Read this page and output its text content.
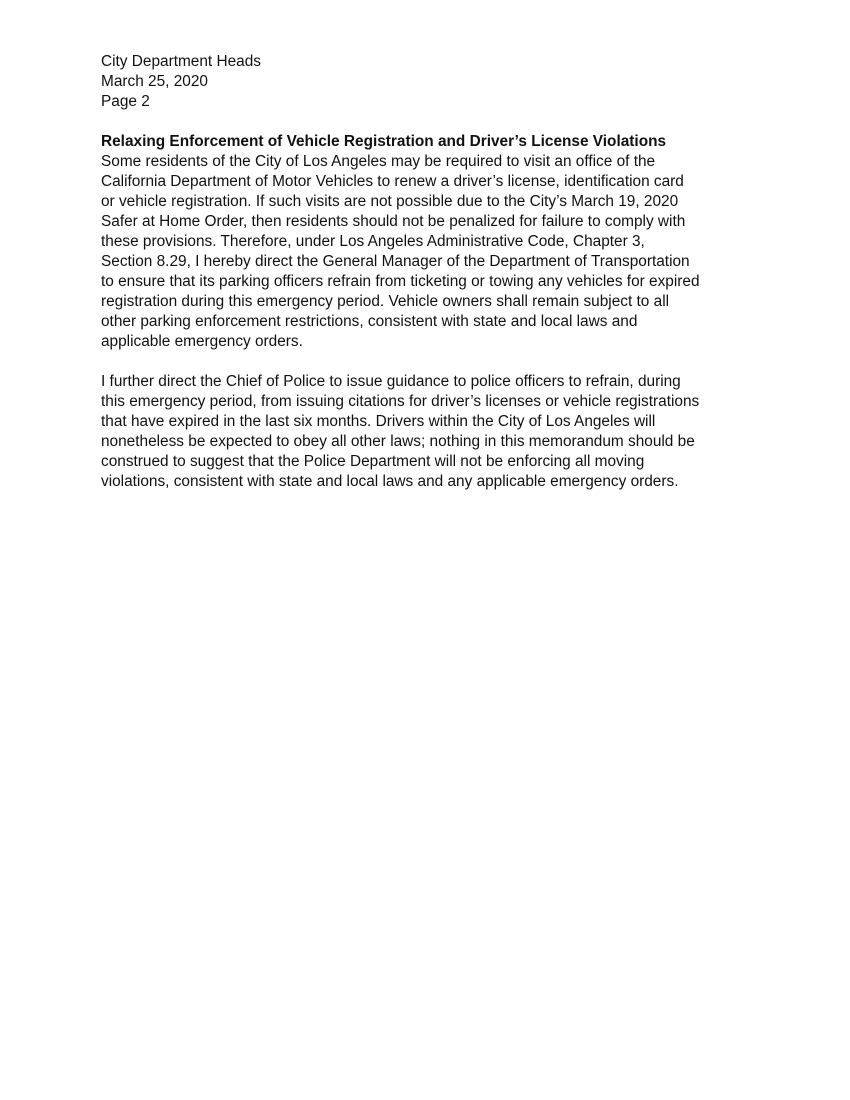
City Department Heads
March 25, 2020
Page 2
Relaxing Enforcement of Vehicle Registration and Driver’s License Violations
Some residents of the City of Los Angeles may be required to visit an office of the
California Department of Motor Vehicles to renew a driver’s license, identification card
or vehicle registration. If such visits are not possible due to the City’s March 19, 2020
Safer at Home Order, then residents should not be penalized for failure to comply with
these provisions. Therefore, under Los Angeles Administrative Code, Chapter 3,
Section 8.29, I hereby direct the General Manager of the Department of Transportation
to ensure that its parking officers refrain from ticketing or towing any vehicles for expired
registration during this emergency period. Vehicle owners shall remain subject to all
other parking enforcement restrictions, consistent with state and local laws and
applicable emergency orders.
I further direct the Chief of Police to issue guidance to police officers to refrain, during
this emergency period, from issuing citations for driver’s licenses or vehicle registrations
that have expired in the last six months. Drivers within the City of Los Angeles will
nonetheless be expected to obey all other laws; nothing in this memorandum should be
construed to suggest that the Police Department will not be enforcing all moving
violations, consistent with state and local laws and any applicable emergency orders.
